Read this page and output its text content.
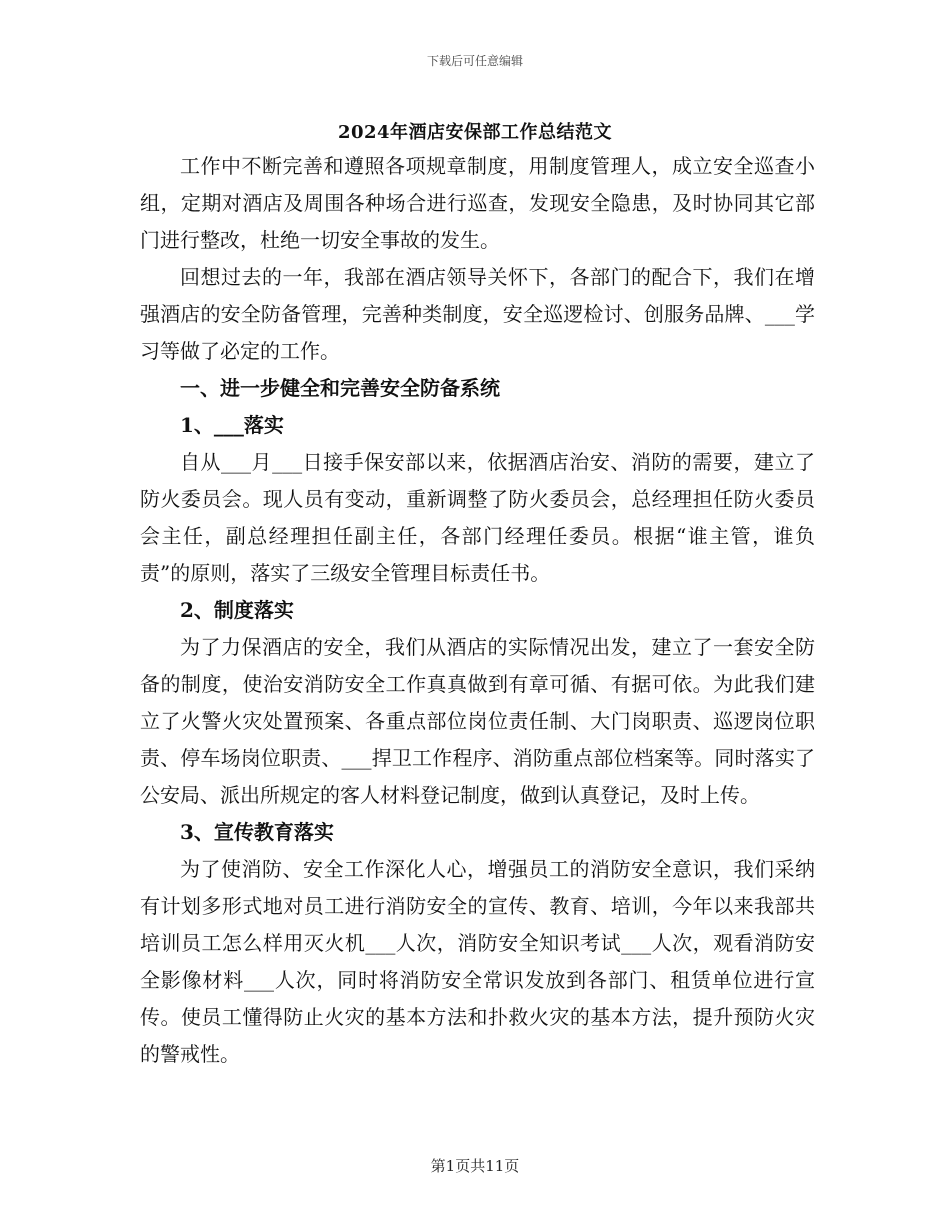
下载后可任意编辑
2024年酒店安保部工作总结范文

工作中不断完善和遵照各项规章制度，用制度管理人，成立安全巡查小组，定期对酒店及周围各种场合进行巡查，发现安全隐患，及时协同其它部门进行整改，杜绝一切安全事故的发生。

回想过去的一年，我部在酒店领导关怀下，各部门的配合下，我们在增强酒店的安全防备管理，完善种类制度，安全巡逻检讨、创服务品牌、___学习等做了必定的工作。

一、进一步健全和完善安全防备系统
1、___落实

自从___月___日接手保安部以来，依据酒店治安、消防的需要，建立了防火委员会。现人员有变动，重新调整了防火委员会，总经理担任防火委员会主任，副总经理担任副主任，各部门经理任委员。根据“谁主管，谁负责”的原则，落实了三级安全管理目标责任书。

2、制度落实

为了力保酒店的安全，我们从酒店的实际情况出发，建立了一套安全防备的制度，使治安消防安全工作真真做到有章可循、有据可依。为此我们建立了火警火灾处置预案、各重点部位岗位责任制、大门岗职责、巡逻岗位职责、停车场岗位职责、___捍卫工作程序、消防重点部位档案等。同时落实了公安局、派出所规定的客人材料登记制度，做到认真登记，及时上传。

3、宣传教育落实

为了使消防、安全工作深化人心，增强员工的消防安全意识，我们采纳有计划多形式地对员工进行消防安全的宣传、教育、培训，今年以来我部共培训员工怎么样用灭火机___人次，消防安全知识考试___人次，观看消防安全影像材料___人次，同时将消防安全常识发放到各部门、租赁单位进行宣传。使员工懂得防止火灾的基本方法和扑救火灾的基本方法，提升预防火灾的警戒性。

第1页共11页
